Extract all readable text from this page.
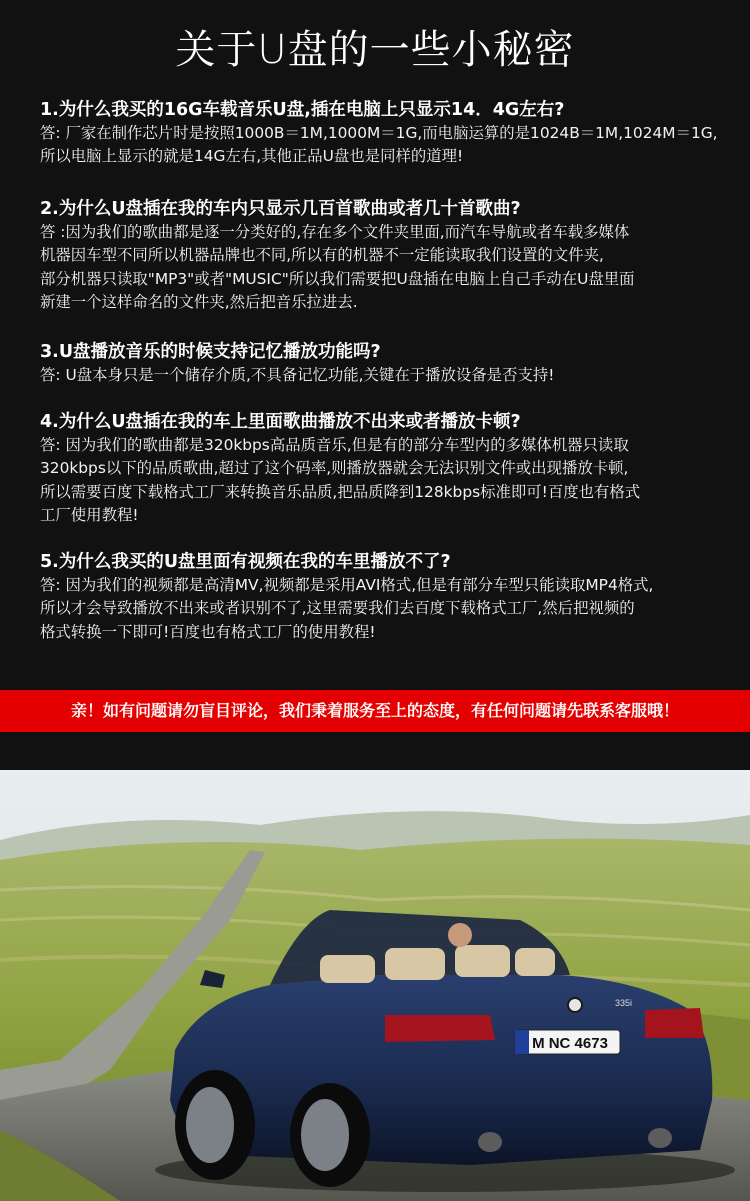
关于U盘的一些小秘密
1.为什么我买的16G车载音乐U盘,插在电脑上只显示14．4G左右?
答: 厂家在制作芯片时是按照1000B＝1M,1000M＝1G,而电脑运算的是1024B＝1M,1024M＝1G,
所以电脑上显示的就是14G左右,其他正品U盘也是同样的道理!
2.为什么U盘插在我的车内只显示几百首歌曲或者几十首歌曲?
答 :因为我们的歌曲都是逐一分类好的,存在多个文件夹里面,而汽车导航或者车载多媒体
机器因车型不同所以机器品牌也不同,所以有的机器不一定能读取我们设置的文件夹,
部分机器只读取"MP3"或者"MUSIC"所以我们需要把U盘插在电脑上自己手动在U盘里面
新建一个这样命名的文件夹,然后把音乐拉进去.
3.U盘播放音乐的时候支持记忆播放功能吗?
答: U盘本身只是一个储存介质,不具备记忆功能,关键在于播放设备是否支持!
4.为什么U盘插在我的车上里面歌曲播放不出来或者播放卡顿?
答: 因为我们的歌曲都是320kbps高品质音乐,但是有的部分车型内的多媒体机器只读取
320kbps以下的品质歌曲,超过了这个码率,则播放器就会无法识别文件或出现播放卡顿,
所以需要百度下载格式工厂来转换音乐品质,把品质降到128kbps标准即可!百度也有格式
工厂使用教程!
5.为什么我买的U盘里面有视频在我的车里播放不了?
答: 因为我们的视频都是高清MV,视频都是采用AVI格式,但是有部分车型只能读取MP4格式,
所以才会导致播放不出来或者识别不了,这里需要我们去百度下载格式工厂,然后把视频的
格式转换一下即可!百度也有格式工厂的使用教程!
亲！如有问题请勿盲目评论，我们秉着服务至上的态度，有任何问题请先联系客服哦！
M NC 4673
335i
